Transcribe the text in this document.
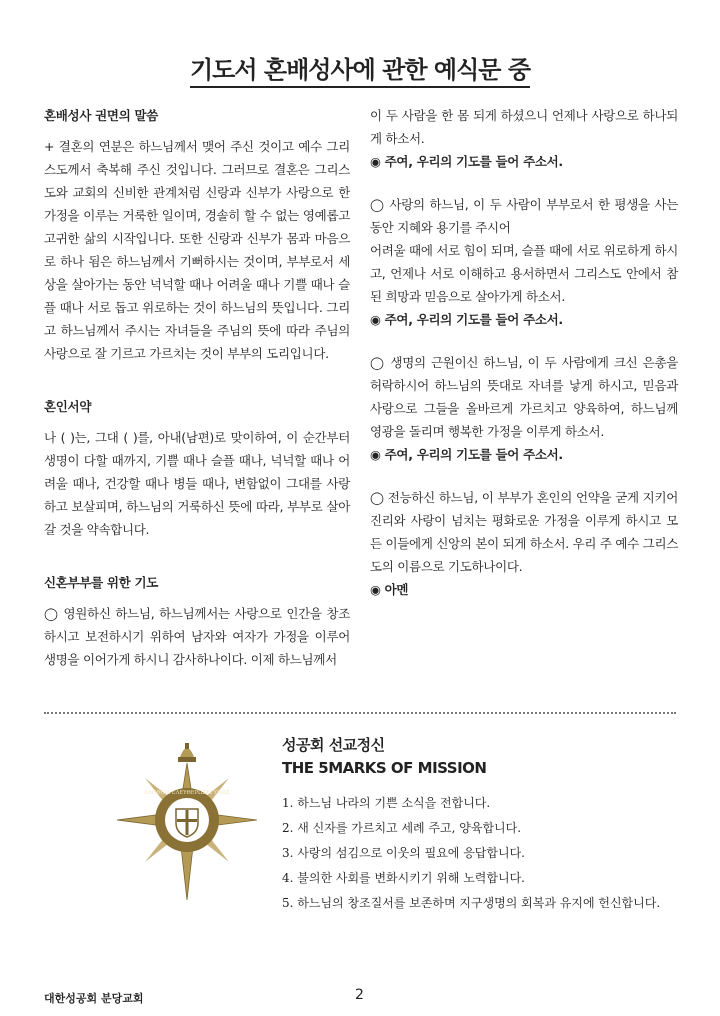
기도서 혼배성사에 관한 예식문 중

혼배성사 권면의 말씀

+ 결혼의 연분은 하느님께서 맺어 주신 것이고 예수 그리스도께서 축복해 주신 것입니다. 그러므로 결혼은 그리스도와 교회의 신비한 관계처럼 신랑과 신부가 사랑으로 한 가정을 이루는 거룩한 일이며, 경솔히 할 수 없는 영예롭고 고귀한 삶의 시작입니다. 또한 신랑과 신부가 몸과 마음으로 하나 됨은 하느님께서 기뻐하시는 것이며, 부부로서 세상을 살아가는 동안 넉넉할 때나 어려울 때나 기쁠 때나 슬플 때나 서로 돕고 위로하는 것이 하느님의 뜻입니다. 그리고 하느님께서 주시는 자녀들을 주님의 뜻에 따라 주님의 사랑으로 잘 기르고 가르치는 것이 부부의 도리입니다.

혼인서약

나 ( )는, 그대 ( )를, 아내(남편)로 맞이하여, 이 순간부터 생명이 다할 때까지, 기쁠 때나 슬플 때나, 넉넉할 때나 어려울 때나, 건강할 때나 병들 때나, 변함없이 그대를 사랑하고 보살피며, 하느님의 거룩하신 뜻에 따라, 부부로 살아 갈 것을 약속합니다.

신혼부부를 위한 기도

◯ 영원하신 하느님, 하느님께서는 사랑으로 인간을 창조하시고 보전하시기 위하여 남자와 여자가 가정을 이루어 생명을 이어가게 하시니 감사하나이다. 이제 하느님께서

이 두 사람을 한 몸 되게 하셨으니 언제나 사랑으로 하나되게 하소서.

◉ 주여, 우리의 기도를 들어 주소서.

◯ 사랑의 하느님, 이 두 사람이 부부로서 한 평생을 사는 동안 지혜와 용기를 주시어

어려울 때에 서로 힘이 되며, 슬플 때에 서로 위로하게 하시고, 언제나 서로 이해하고 용서하면서 그리스도 안에서 참된 희망과 믿음으로 살아가게 하소서.

◉ 주여, 우리의 기도를 들어 주소서.

◯ 생명의 근원이신 하느님, 이 두 사람에게 크신 은총을 허락하시어 하느님의 뜻대로 자녀를 낳게 하시고, 믿음과 사랑으로 그들을 올바르게 가르치고 양육하여, 하느님께 영광을 돌리며 행복한 가정을 이루게 하소서.

◉ 주여, 우리의 기도를 들어 주소서.

◯ 전능하신 하느님, 이 부부가 혼인의 언약을 굳게 지키어 진리와 사랑이 넘치는 평화로운 가정을 이루게 하시고 모든 이들에게 신앙의 본이 되게 하소서. 우리 주 예수 그리스도의 이름으로 기도하나이다.

◉ 아멘

ΑΛΗΘΕΙΑ ΕΛΕΥΘΕΡΩΣΕΙ ΥΜΑΣ

성공회 선교정신

THE 5MARKS OF MISSION

1. 하느님 나라의 기쁜 소식을 전합니다.
2. 새 신자를 가르치고 세례 주고, 양육합니다.
3. 사랑의 섬김으로 이웃의 필요에 응답합니다.
4. 불의한 사회를 변화시키기 위해 노력합니다.
5. 하느님의 창조질서를 보존하며 지구생명의 회복과 유지에 헌신합니다.
대한성공회 분당교회	2
